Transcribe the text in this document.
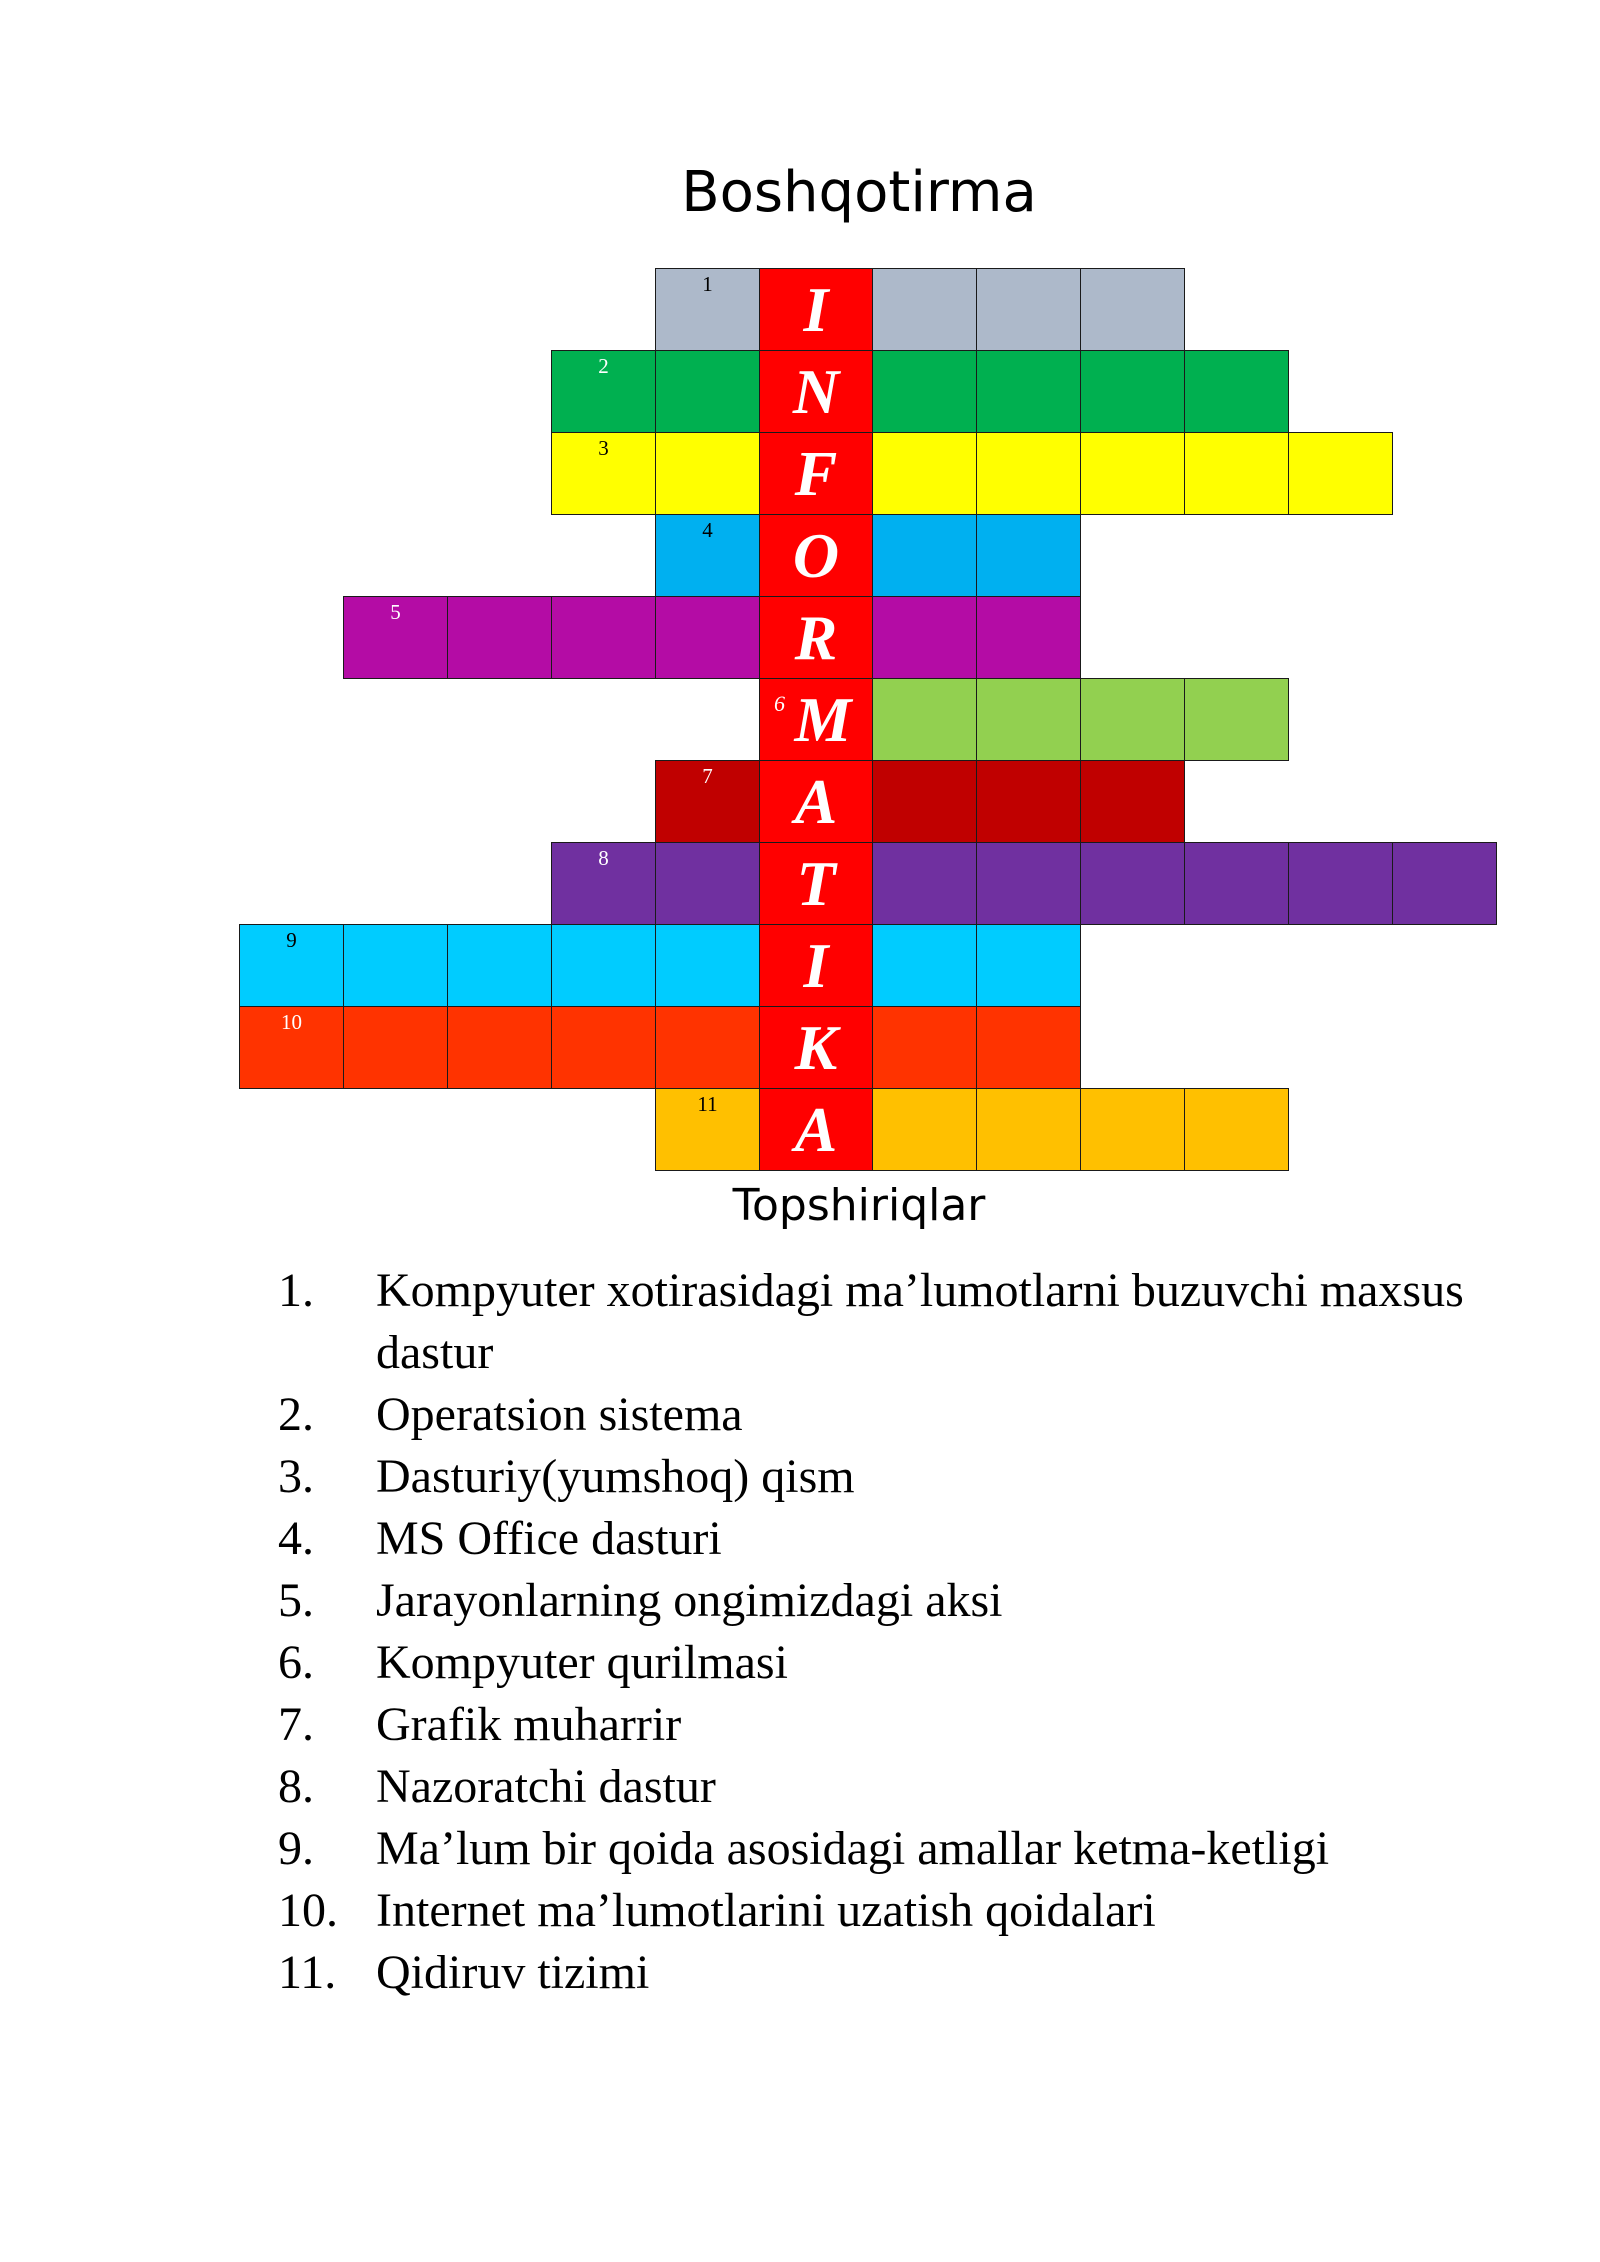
Boshqotirma
1	I
2	N
3	F
4	O
5	R
6 M
7	A
8	T
9	I
10	K
11	A
Topshiriqlar
1. Kompyuter xotirasidagi ma’lumotlarni buzuvchi maxsus dastur
2. Operatsion sistema
3. Dasturiy(yumshoq) qism
4. MS Office dasturi
5. Jarayonlarning ongimizdagi aksi
6. Kompyuter qurilmasi
7. Grafik muharrir
8. Nazoratchi dastur
9. Ma’lum bir qoida asosidagi amallar ketma-ketligi
10. Internet ma’lumotlarini uzatish qoidalari
11. Qidiruv tizimi
